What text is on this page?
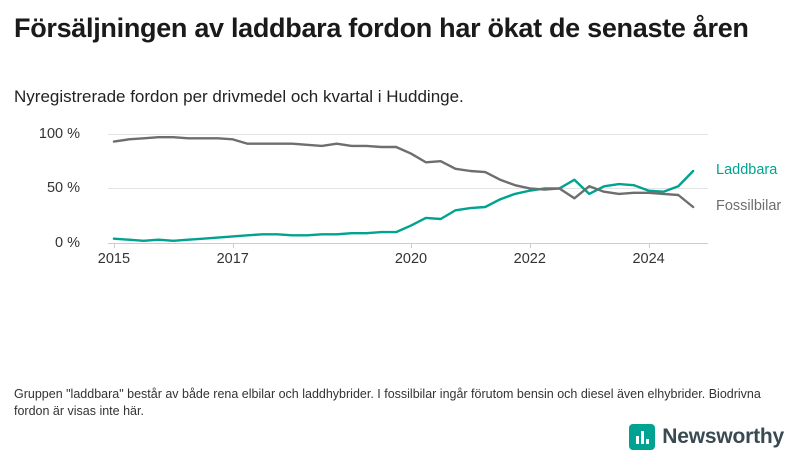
Försäljningen av laddbara fordon har ökat de senaste åren
Nyregistrerade fordon per drivmedel och kvartal i Huddinge.
0 %
50 %
100 %
2015	2017	2020	2022	2024
Laddbara
Fossilbilar
Gruppen "laddbara" består av både rena elbilar och laddhybrider. I fossilbilar ingår förutom bensin och diesel även elhybrider. Biodrivna fordon är visas inte här.
Newsworthy
